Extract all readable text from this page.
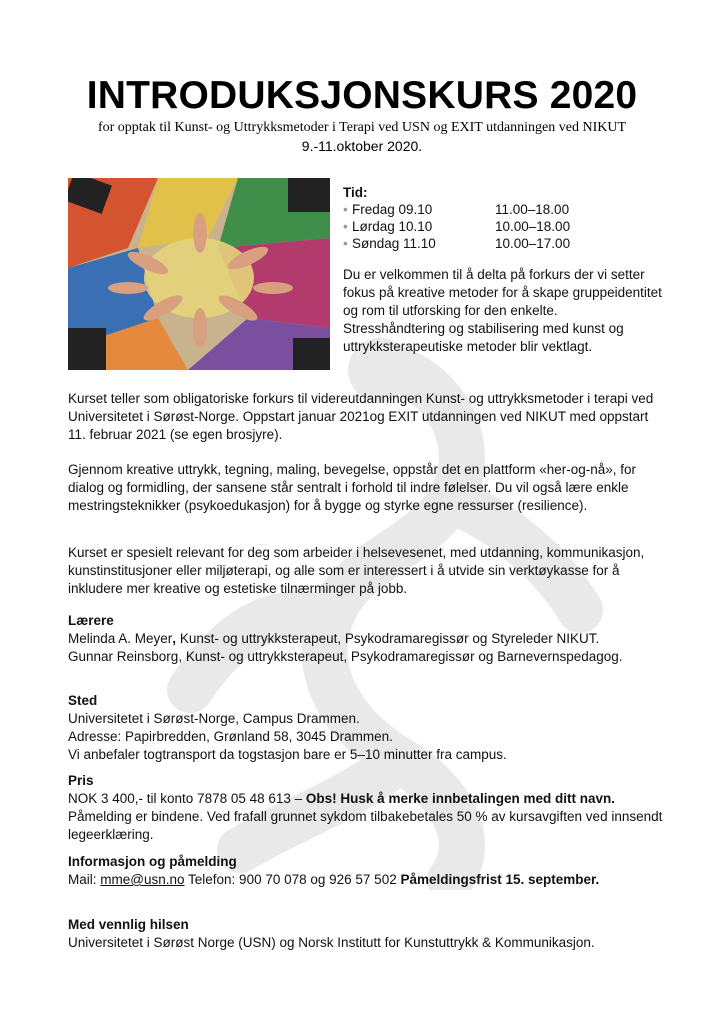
INTRODUKSJONSKURS 2020
for opptak til Kunst- og Uttrykksmetoder i Terapi ved USN og EXIT utdanningen ved NIKUT
9.-11.oktober 2020.
Tid:
• Fredag 09.10	11.00–18.00
• Lørdag 10.10	10.00–18.00
• Søndag 11.10	10.00–17.00
Du er velkommen til å delta på forkurs der vi setter fokus på kreative metoder for å skape gruppeidentitet og rom til utforsking for den enkelte. Stresshåndtering og stabilisering med kunst og uttrykksterapeutiske metoder blir vektlagt.
Kurset teller som obligatoriske forkurs til videreutdanningen Kunst- og uttrykksmetoder i terapi ved Universitetet i Sørøst-Norge. Oppstart januar 2021og EXIT utdanningen ved NIKUT med oppstart 11. februar 2021 (se egen brosjyre).
Gjennom kreative uttrykk, tegning, maling, bevegelse, oppstår det en plattform «her-og-nå», for dialog og formidling, der sansene står sentralt i forhold til indre følelser. Du vil også lære enkle mestringsteknikker (psykoedukasjon) for å bygge og styrke egne ressurser (resilience).
Kurset er spesielt relevant for deg som arbeider i helsevesenet, med utdanning, kommunikasjon, kunstinstitusjoner eller miljøterapi, og alle som er interessert i å utvide sin verktøykasse for å inkludere mer kreative og estetiske tilnærminger på jobb.

Lærere

Melinda A. Meyer, Kunst- og uttrykksterapeut, Psykodramaregissør og Styreleder NIKUT.

Gunnar Reinsborg, Kunst- og uttrykksterapeut, Psykodramaregissør og Barnevernspedagog.

Sted

Universitetet i Sørøst-Norge, Campus Drammen.

Adresse: Papirbredden, Grønland 58, 3045 Drammen.

Vi anbefaler togtransport da togstasjon bare er 5–10 minutter fra campus.

Pris

NOK 3 400,- til konto 7878 05 48 613 – Obs! Husk å merke innbetalingen med ditt navn. Påmelding er bindene. Ved frafall grunnet sykdom tilbakebetales 50 % av kursavgiften ved innsendt legeerklæring.

Informasjon og påmelding

Mail: mme@usn.no Telefon: 900 70 078 og 926 57 502 Påmeldingsfrist 15. september.

Med vennlig hilsen

Universitetet i Sørøst Norge (USN) og Norsk Institutt for Kunstuttrykk & Kommunikasjon.
